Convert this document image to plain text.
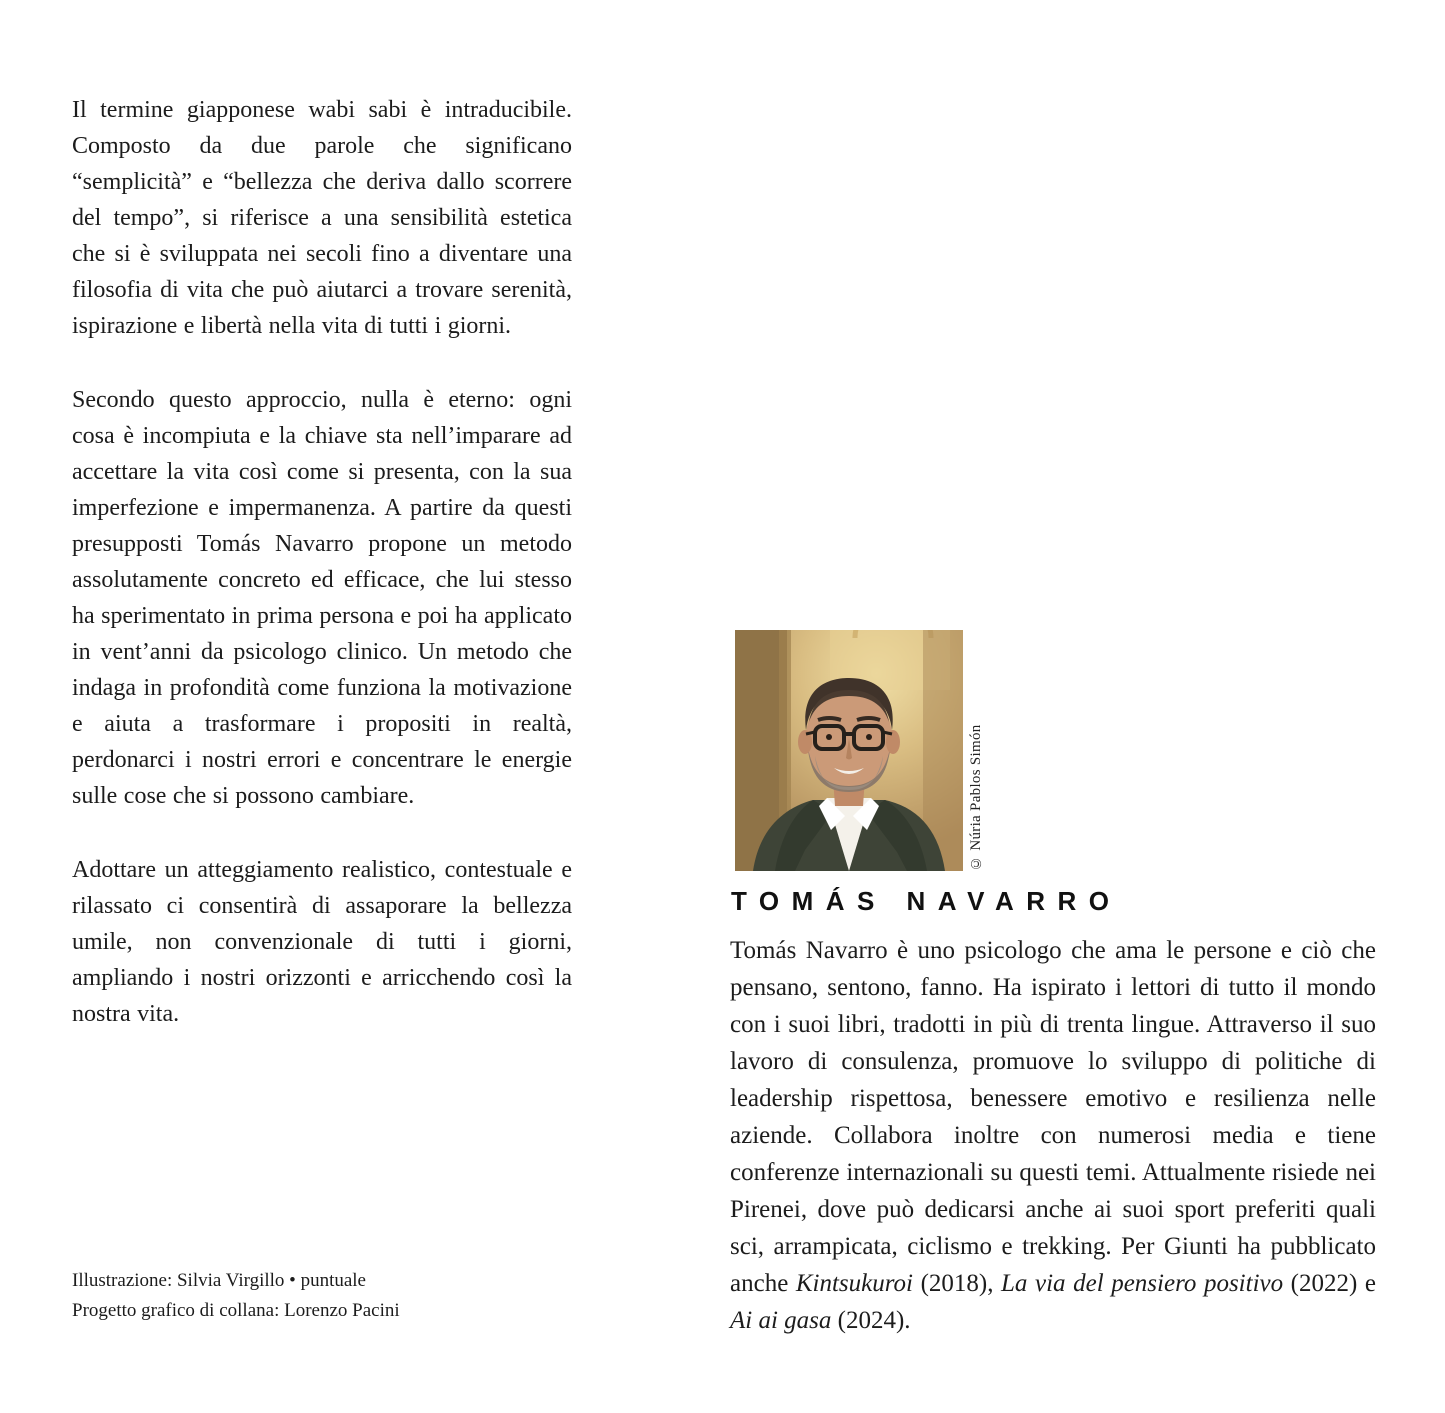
Il termine giapponese wabi sabi è intraducibile. Composto da due parole che significano “semplicità” e “bellezza che deriva dallo scorrere del tempo”, si riferisce a una sensibilità estetica che si è sviluppata nei secoli fino a diventare una filosofia di vita che può aiutarci a trovare serenità, ispirazione e libertà nella vita di tutti i giorni.

Secondo questo approccio, nulla è eterno: ogni cosa è incompiuta e la chiave sta nell’imparare ad accettare la vita così come si presenta, con la sua imperfezione e impermanenza. A partire da questi presupposti Tomás Navarro propone un metodo assolutamente concreto ed efficace, che lui stesso ha sperimentato in prima persona e poi ha applicato in vent’anni da psicologo clinico. Un metodo che indaga in profondità come funziona la motivazione e aiuta a trasformare i propositi in realtà, perdonarci i nostri errori e concentrare le energie sulle cose che si possono cambiare.

Adottare un atteggiamento realistico, contestuale e rilassato ci consentirà di assaporare la bellezza umile, non convenzionale di tutti i giorni, ampliando i nostri orizzonti e arricchendo così la nostra vita.

Illustrazione: Silvia Virgillo • puntuale

Progetto grafico di collana: Lorenzo Pacini

© Núria Pablos Simón
TOMÁS NAVARRO

Tomás Navarro è uno psicologo che ama le persone e ciò che pensano, sentono, fanno. Ha ispirato i lettori di tutto il mondo con i suoi libri, tradotti in più di trenta lingue. Attraverso il suo lavoro di consulenza, promuove lo sviluppo di politiche di leadership rispettosa, benessere emotivo e resilienza nelle aziende. Collabora inoltre con numerosi media e tiene conferenze internazionali su questi temi. Attualmente risiede nei Pirenei, dove può dedicarsi anche ai suoi sport preferiti quali sci, arrampicata, ciclismo e trekking. Per Giunti ha pubblicato anche Kintsukuroi (2018), La via del pensiero positivo (2022) e Ai ai gasa (2024).
